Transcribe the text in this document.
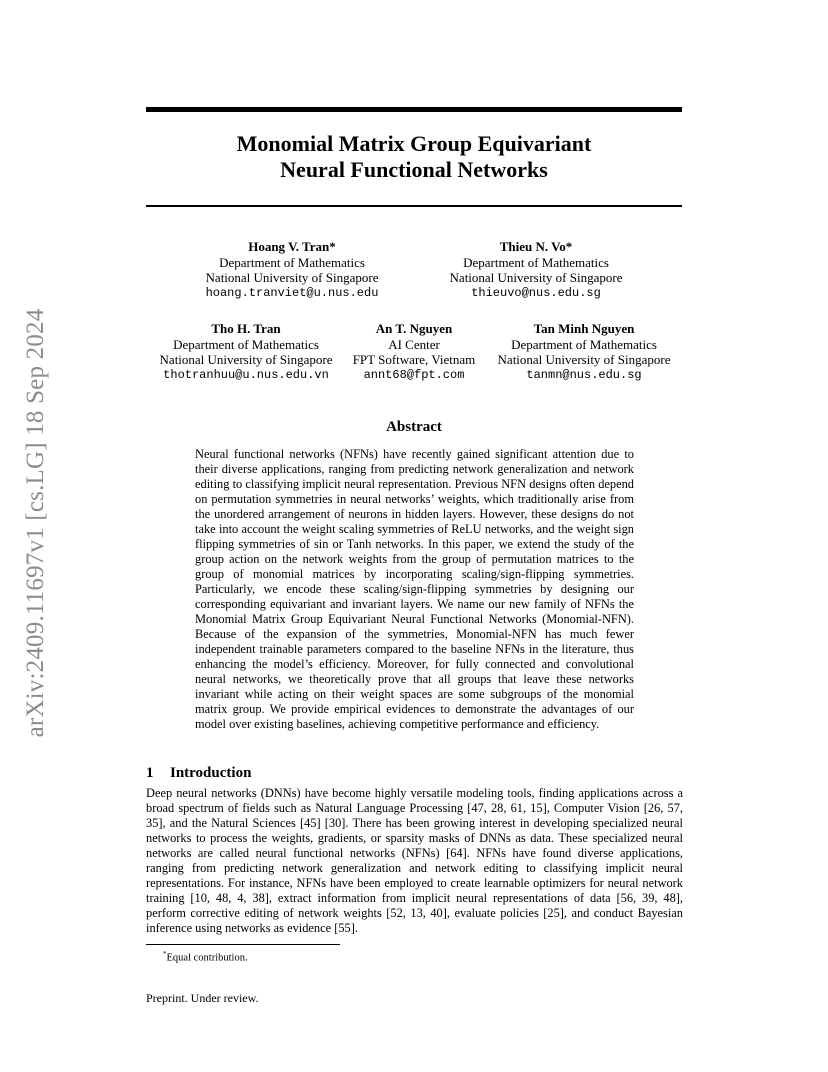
arXiv:2409.11697v1 [cs.LG] 18 Sep 2024
Monomial Matrix Group Equivariant
Neural Functional Networks
Hoang V. Tran*
Department of Mathematics
National University of Singapore
hoang.tranviet@u.nus.edu
Thieu N. Vo*
Department of Mathematics
National University of Singapore
thieuvo@nus.edu.sg
Tho H. Tran
Department of Mathematics
National University of Singapore
thotranhuu@u.nus.edu.vn
An T. Nguyen
AI Center
FPT Software, Vietnam
annt68@fpt.com
Tan Minh Nguyen
Department of Mathematics
National University of Singapore
tanmn@nus.edu.sg
Abstract
Neural functional networks (NFNs) have recently gained significant attention due to their diverse applications, ranging from predicting network generalization and network editing to classifying implicit neural representation. Previous NFN designs often depend on permutation symmetries in neural networks’ weights, which traditionally arise from the unordered arrangement of neurons in hidden layers. However, these designs do not take into account the weight scaling symmetries of ReLU networks, and the weight sign flipping symmetries of sin or Tanh networks. In this paper, we extend the study of the group action on the network weights from the group of permutation matrices to the group of monomial matrices by incorporating scaling/sign-flipping symmetries. Particularly, we encode these scaling/sign-flipping symmetries by designing our corresponding equivariant and invariant layers. We name our new family of NFNs the Monomial Matrix Group Equivariant Neural Functional Networks (Monomial-NFN). Because of the expansion of the symmetries, Monomial-NFN has much fewer independent trainable parameters compared to the baseline NFNs in the literature, thus enhancing the model’s efficiency. Moreover, for fully connected and convolutional neural networks, we theoretically prove that all groups that leave these networks invariant while acting on their weight spaces are some subgroups of the monomial matrix group. We provide empirical evidences to demonstrate the advantages of our model over existing baselines, achieving competitive performance and efficiency.
1 Introduction
Deep neural networks (DNNs) have become highly versatile modeling tools, finding applications across a broad spectrum of fields such as Natural Language Processing [47, 28, 61, 15], Computer Vision [26, 57, 35], and the Natural Sciences [45] [30]. There has been growing interest in developing specialized neural networks to process the weights, gradients, or sparsity masks of DNNs as data. These specialized neural networks are called neural functional networks (NFNs) [64]. NFNs have found diverse applications, ranging from predicting network generalization and network editing to classifying implicit neural representations. For instance, NFNs have been employed to create learnable optimizers for neural network training [10, 48, 4, 38], extract information from implicit neural representations of data [56, 39, 48], perform corrective editing of network weights [52, 13, 40], evaluate policies [25], and conduct Bayesian inference using networks as evidence [55].
*Equal contribution.
Preprint. Under review.
